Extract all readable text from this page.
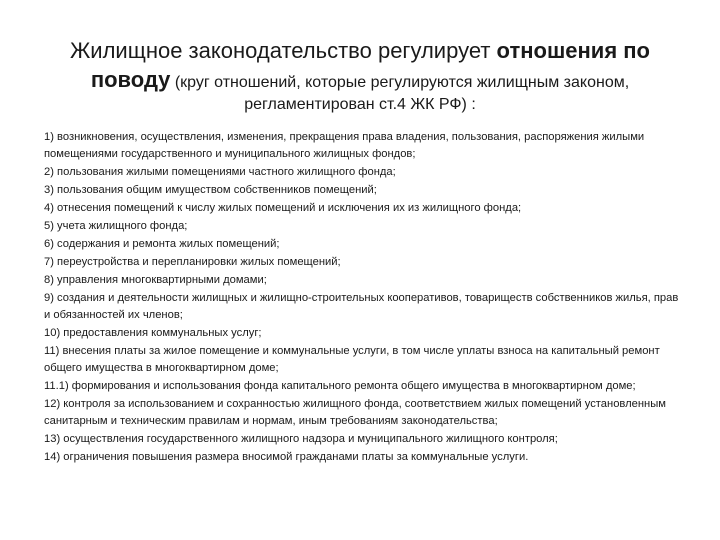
Жилищное законодательство регулирует отношения по поводу (круг отношений, которые регулируются жилищным законом, регламентирован ст.4 ЖК РФ) :
1) возникновения, осуществления, изменения, прекращения права владения, пользования, распоряжения жилыми помещениями государственного и муниципального жилищных фондов;
2) пользования жилыми помещениями частного жилищного фонда;
3) пользования общим имуществом собственников помещений;
4) отнесения помещений к числу жилых помещений и исключения их из жилищного фонда;
5) учета жилищного фонда;
6) содержания и ремонта жилых помещений;
7) переустройства и перепланировки жилых помещений;
8) управления многоквартирными домами;
9) создания и деятельности жилищных и жилищно-строительных кооперативов, товариществ собственников жилья, прав и обязанностей их членов;
10) предоставления коммунальных услуг;
11) внесения платы за жилое помещение и коммунальные услуги, в том числе уплаты взноса на капитальный ремонт общего имущества в многоквартирном доме;
11.1) формирования и использования фонда капитального ремонта общего имущества в многоквартирном доме;
12) контроля за использованием и сохранностью жилищного фонда, соответствием жилых помещений установленным санитарным и техническим правилам и нормам, иным требованиям законодательства;
13) осуществления государственного жилищного надзора и муниципального жилищного контроля;
14) ограничения повышения размера вносимой гражданами платы за коммунальные услуги.
